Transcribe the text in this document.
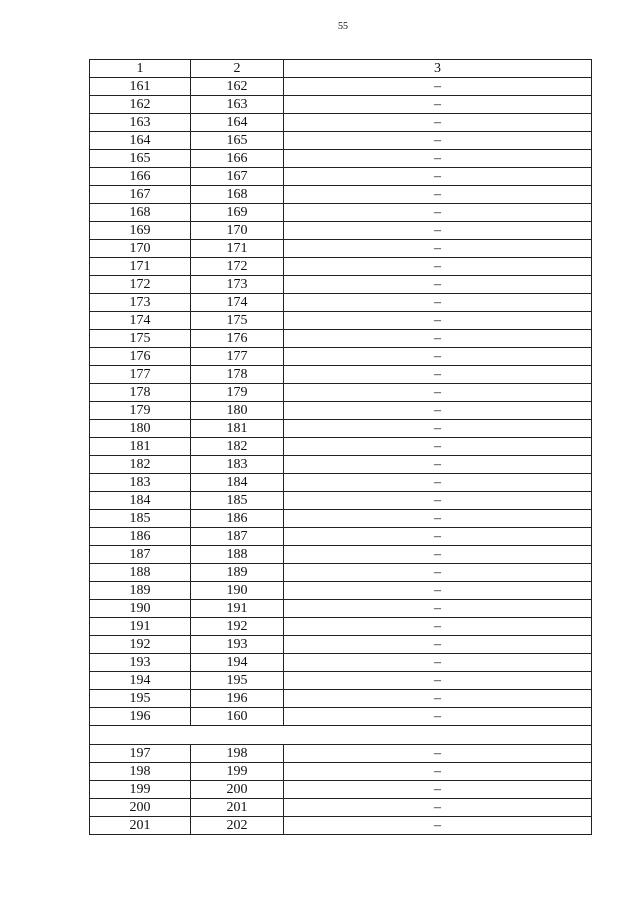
55
1	2	3
161	162	–
162	163	–
163	164	–
164	165	–
165	166	–
166	167	–
167	168	–
168	169	–
169	170	–
170	171	–
171	172	–
172	173	–
173	174	–
174	175	–
175	176	–
176	177	–
177	178	–
178	179	–
179	180	–
180	181	–
181	182	–
182	183	–
183	184	–
184	185	–
185	186	–
186	187	–
187	188	–
188	189	–
189	190	–
190	191	–
191	192	–
192	193	–
193	194	–
194	195	–
195	196	–
196	160	–

197	198	–
198	199	–
199	200	–
200	201	–
201	202	–
